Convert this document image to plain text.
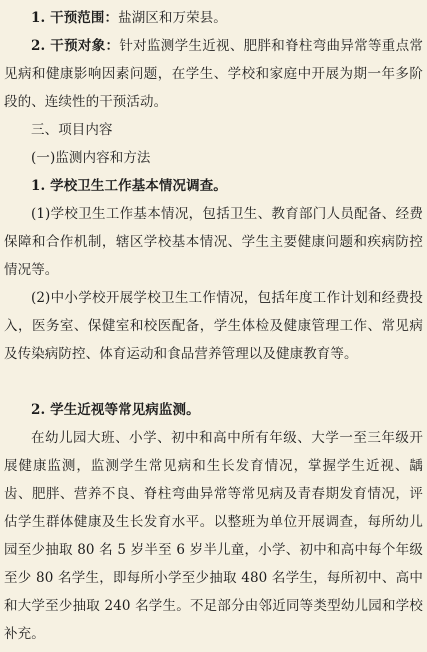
1. 干预范围：盐湖区和万荣县。

2. 干预对象：针对监测学生近视、肥胖和脊柱弯曲异常等重点常见病和健康影响因素问题，在学生、学校和家庭中开展为期一年多阶段的、连续性的干预活动。

三、项目内容

(一)监测内容和方法

1. 学校卫生工作基本情况调查。

(1)学校卫生工作基本情况，包括卫生、教育部门人员配备、经费保障和合作机制，辖区学校基本情况、学生主要健康问题和疾病防控情况等。

(2)中小学校开展学校卫生工作情况，包括年度工作计划和经费投入，医务室、保健室和校医配备，学生体检及健康管理工作、常见病及传染病防控、体育运动和食品营养管理以及健康教育等。

2. 学生近视等常见病监测。

在幼儿园大班、小学、初中和高中所有年级、大学一至三年级开展健康监测，监测学生常见病和生长发育情况，掌握学生近视、龋齿、肥胖、营养不良、脊柱弯曲异常等常见病及青春期发育情况，评估学生群体健康及生长发育水平。以整班为单位开展调查，每所幼儿园至少抽取 80 名 5 岁半至 6 岁半儿童，小学、初中和高中每个年级至少 80 名学生，即每所小学至少抽取 480 名学生，每所初中、高中和大学至少抽取 240 名学生。不足部分由邻近同等类型幼儿园和学校补充。
